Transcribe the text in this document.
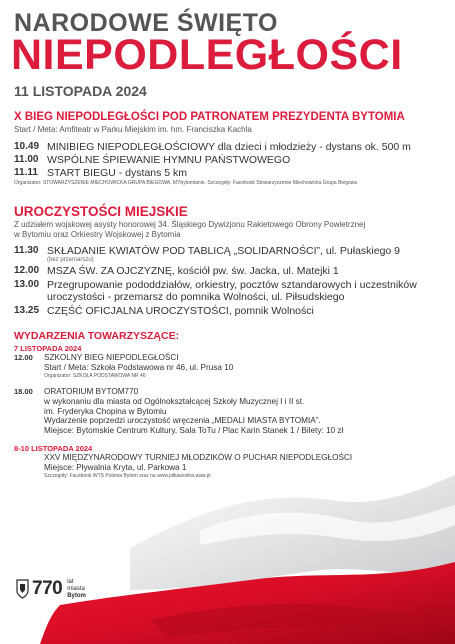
NARODOWE ŚWIĘTO
NIEPODLEGŁOŚCI
11 LISTOPADA 2024
X BIEG NIEPODLEGŁOŚCI POD PATRONATEM PREZYDENTA BYTOMIA
Start / Meta: Amfiteatr w Parku Miejskim im. hm. Franciszka Kachla
10.49 MINIBIEG NIEPODLEGŁOŚCIOWY dla dzieci i młodzieży - dystans ok. 500 m
11.00 WSPÓLNE ŚPIEWANIE HYMNU PAŃSTWOWEGO
11.11 START BIEGU - dystans 5 km
Organizator: STOWARZYSZENIE MIECHOWICKA GRUPA BIEGOWA, MYbytomianie. Szczegóły: Facebook Stowarzyszenie Miechowicka Grupa Biegowa
UROCZYSTOŚCI MIEJSKIE
Z udziałem wojskowej asysty honorowej 34. Śląskiego Dywizjonu Rakietowego Obrony Powietrznej
w Bytomiu oraz Orkiestry Wojskowej z Bytomia
11.30 SKŁADANIE KWIATÓW POD TABLICĄ „SOLIDARNOŚCI”, ul. Pułaskiego 9
(bez przemarszu)
12.00 MSZA ŚW. ZA OJCZYZNĘ, kościół pw. św. Jacka, ul. Matejki 1
13.00 Przegrupowanie pododdziałów, orkiestry, pocztów sztandarowych i uczestników uroczystości - przemarsz do pomnika Wolności, ul. Piłsudskiego
13.25 CZĘŚĆ OFICJALNA UROCZYSTOŚCI, pomnik Wolności
WYDARZENIA TOWARZYSZĄCE:
7 LISTOPADA 2024
12.00	SZKOLNY BIEG NIEPODLEGŁOŚCI
Start / Meta: Szkoła Podstawowa nr 46, ul. Prusa 10
Organizator: SZKOŁA PODSTAWOWA NR 46
18.00	ORATORIUM BYTOM770
w wykonaniu dla miasta od Ogólnokształcącej Szkoły Muzycznej I i II st.
im. Fryderyka Chopina w Bytomiu
Wydarzenie poprzedzi uroczystość wręczenia „MEDALI MIASTA BYTOMIA”.
Miejsce: Bytomskie Centrum Kultury, Sala ToTu / Plac Karin Stanek 1 / Bilety: 10 zł
8-10 LISTOPADA 2024
XXV MIĘDZYNARODOWY TURNIEJ MŁODZIKÓW O PUCHAR NIEPODLEGŁOŚCI
Miejsce: Pływalnia Kryta, ul. Parkowa 1
Szczegóły: Facebook WTS Polonia Bytom oraz na www.pilkawodna.waw.pl
770 lat
miasta
Bytom
